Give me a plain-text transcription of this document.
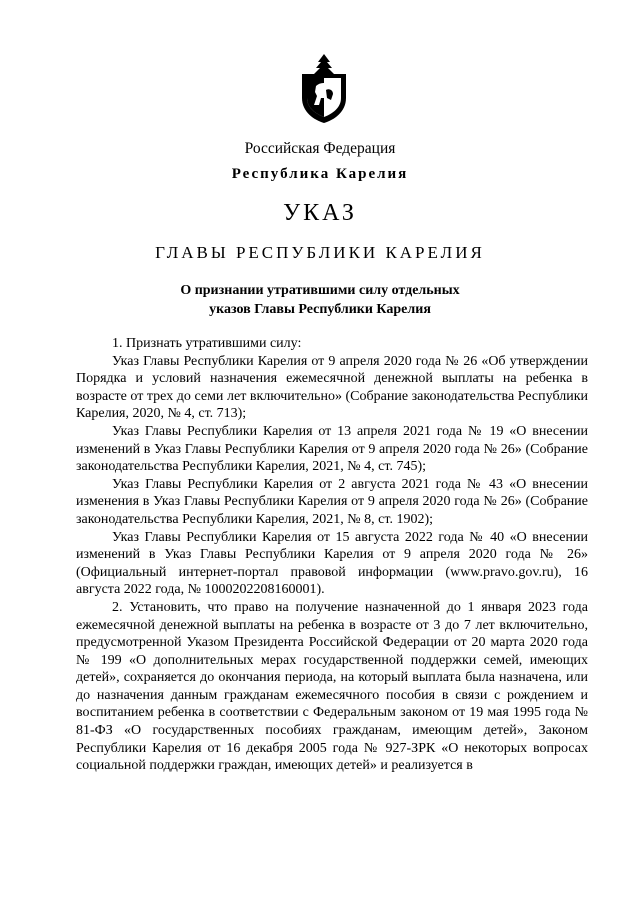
Российская Федерация
Республика Карелия
УКАЗ
ГЛАВЫ РЕСПУБЛИКИ КАРЕЛИЯ
О признании утратившими силу отдельных
указов Главы Республики Карелия

1. Признать утратившими силу:

Указ Главы Республики Карелия от 9 апреля 2020 года № 26 «Об утверждении Порядка и условий назначения ежемесячной денежной выплаты на ребенка в возрасте от трех до семи лет включительно» (Собрание законодательства Республики Карелия, 2020, № 4, ст. 713);

Указ Главы Республики Карелия от 13 апреля 2021 года № 19 «О внесении изменений в Указ Главы Республики Карелия от 9 апреля 2020 года № 26» (Собрание законодательства Республики Карелия, 2021, № 4, ст. 745);

Указ Главы Республики Карелия от 2 августа 2021 года № 43 «О внесении изменения в Указ Главы Республики Карелия от 9 апреля 2020 года № 26» (Собрание законодательства Республики Карелия, 2021, № 8, ст. 1902);

Указ Главы Республики Карелия от 15 августа 2022 года № 40 «О внесении изменений в Указ Главы Республики Карелия от 9 апреля 2020 года № 26» (Официальный интернет-портал правовой информации (www.pravo.gov.ru), 16 августа 2022 года, № 1000202208160001).

2. Установить, что право на получение назначенной до 1 января 2023 года ежемесячной денежной выплаты на ребенка в возрасте от 3 до 7 лет включительно, предусмотренной Указом Президента Российской Федерации от 20 марта 2020 года № 199 «О дополнительных мерах государственной поддержки семей, имеющих детей», сохраняется до окончания периода, на который выплата была назначена, или до назначения данным гражданам ежемесячного пособия в связи с рождением и воспитанием ребенка в соответствии с Федеральным законом от 19 мая 1995 года № 81-ФЗ «О государственных пособиях гражданам, имеющим детей», Законом Республики Карелия от 16 декабря 2005 года № 927-ЗРК «О некоторых вопросах социальной поддержки граждан, имеющих детей» и реализуется в
